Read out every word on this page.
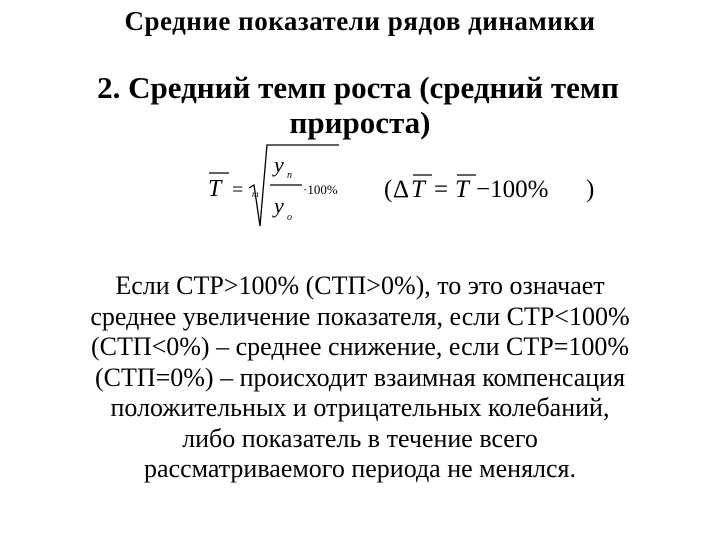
Средние показатели рядов динамики
2. Средний темп роста (средний темп
прироста)
T = m
y n
y o
·100% ( Δ T = T −100% )
Если СТР>100% (СТП>0%), то это означает
среднее увеличение показателя, если СТР<100%
(СТП<0%) – среднее снижение, если СТР=100%
(СТП=0%) – происходит взаимная компенсация
положительных и отрицательных колебаний,
либо показатель в течение всего
рассматриваемого периода не менялся.
